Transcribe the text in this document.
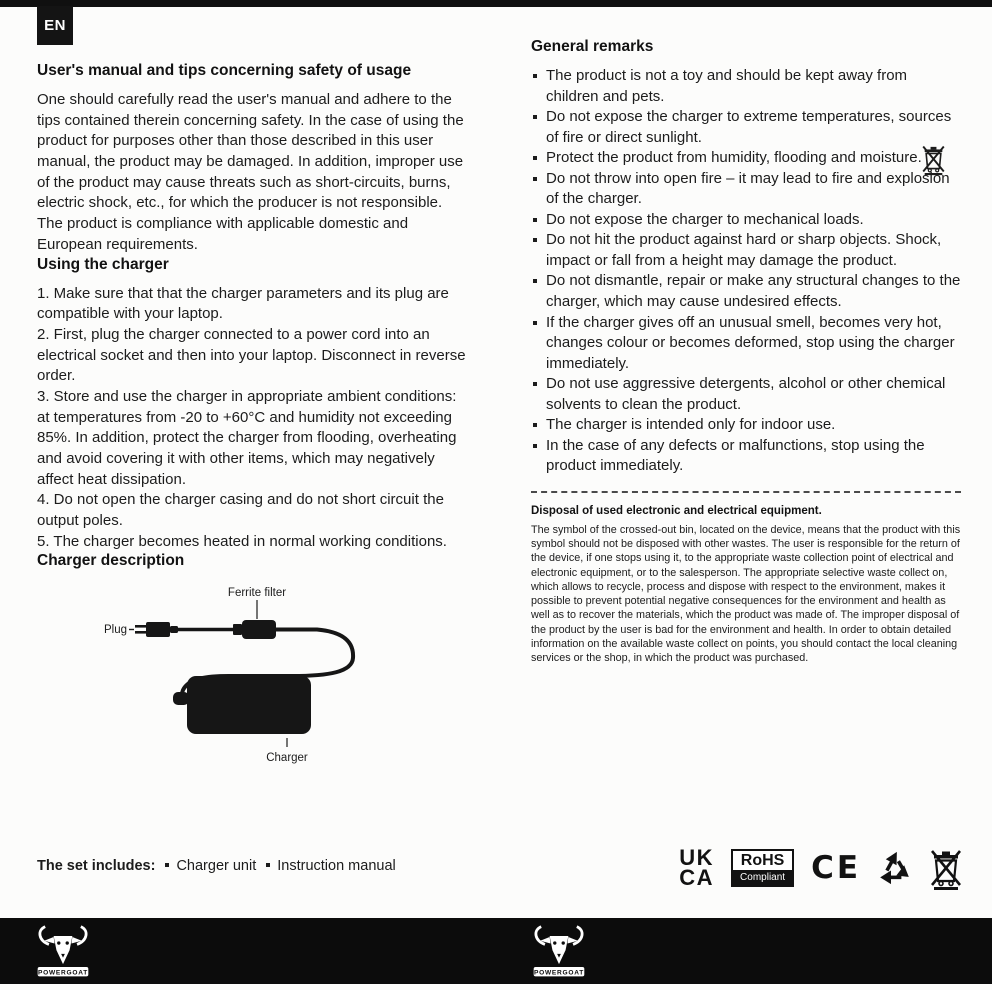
EN
User's manual and tips concerning safety of usage

One should carefully read the user's manual and adhere to the tips contained therein concerning safety. In the case of using the product for purposes other than those described in this user manual, the product may be damaged. In addition, improper use of the product may cause threats such as short-circuits, burns, electric shock, etc., for which the producer is not responsible. The product is compliance with applicable domestic and European requirements.

Using the charger

1. Make sure that that the charger parameters and its plug are compatible with your laptop.

2. First, plug the charger connected to a power cord into an electrical socket and then into your laptop. Disconnect in reverse order.

3. Store and use the charger in appropriate ambient conditions: at temperatures from -20 to +60°C and humidity not exceeding 85%. In addition, protect the charger from flooding, overheating and avoid covering it with other items, which may negatively affect heat dissipation.

4. Do not open the charger casing and do not short circuit the output poles.

5. The charger becomes heated in normal working conditions.

Charger description
Ferrite filter
Plug
Charger
General remarks
The product is not a toy and should be kept away from children and pets.
Do not expose the charger to extreme temperatures, sources of fire or direct sunlight.
Protect the product from humidity, flooding and moisture.
Do not throw into open fire – it may lead to fire and explosion of the charger.
Do not expose the charger to mechanical loads.
Do not hit the product against hard or sharp objects. Shock, impact or fall from a height may damage the product.
Do not dismantle, repair or make any structural changes to the charger, which may cause undesired effects.
If the charger gives off an unusual smell, becomes very hot, changes colour or becomes deformed, stop using the charger immediately.
Do not use aggressive detergents, alcohol or other chemical solvents to clean the product.
The charger is intended only for indoor use.
In the case of any defects or malfunctions, stop using the product immediately.
Disposal of used electronic and electrical equipment.

The symbol of the crossed-out bin, located on the device, means that the product with this symbol should not be disposed with other wastes. The user is responsible for the return of the device, if one stops using it, to the appropriate waste collection point of electrical and electronic equipment, or to the salesperson. The appropriate selective waste collect on, which allows to recycle, process and dispose with respect to the environment, makes it possible to prevent potential negative consequences for the environment and health as well as to recover the materials, which the product was made of. The improper disposal of the product by the user is bad for the environment and health. In order to obtain detailed information on the available waste collect on points, you should contact the local cleaning services or the shop, in which the product was purchased.

The set includes: Charger unit Instruction manual	UK
CA
RoHS
Compliant CE
POWERGOAT	POWERGOAT
